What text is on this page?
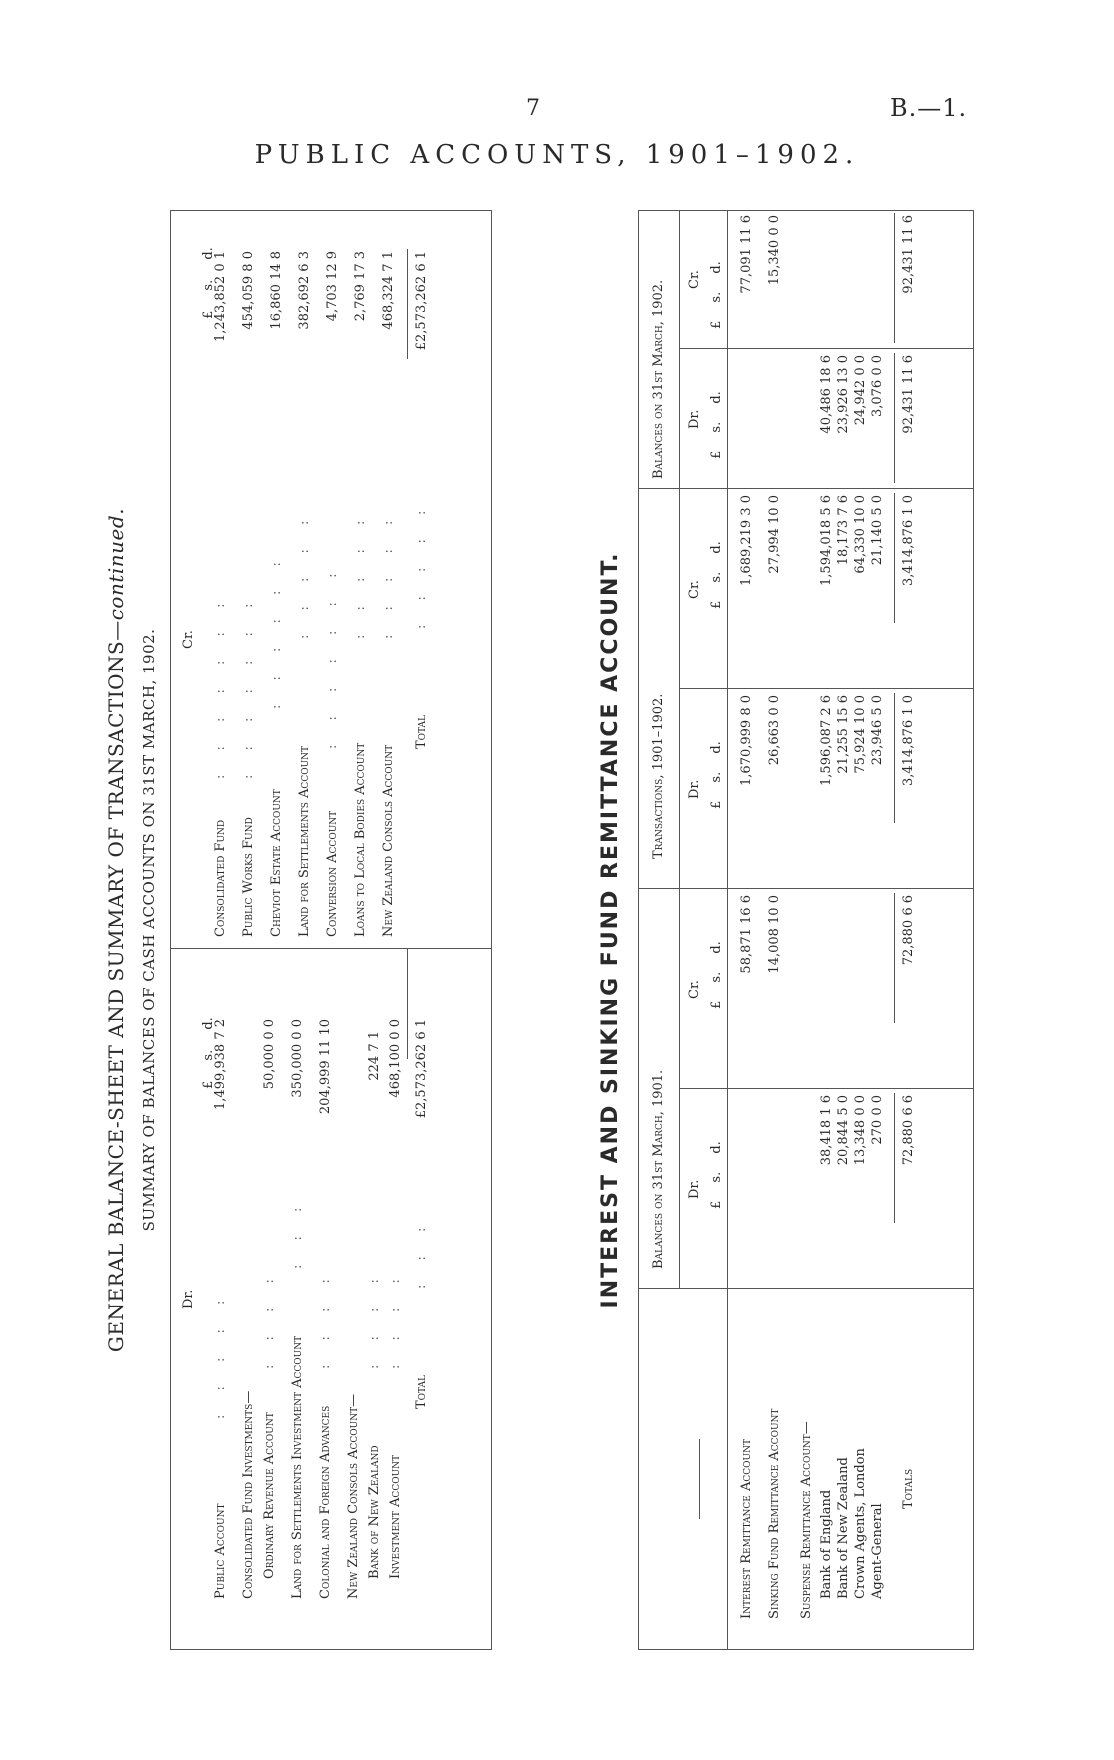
7	B.—1.
PUBLIC ACCOUNTS, 1901–1902.
GENERAL BALANCE-SHEET AND SUMMARY OF TRANSACTIONS—continued.
SUMMARY OF BALANCES OF CASH ACCOUNTS ON 31ST MARCH, 1902.
Dr.
Cr.
£ s. d.
£ s. d.
Public Account
: : : : :
1,499,938 7 2
Consolidated Fund Investments— Ordinary Revenue Account
: : : :
50,000 0 0
Land for Settlements Investment Account
: : :
350,000 0 0
Colonial and Foreign Advances
: : : :
204,999 11 10
New Zealand Consols Account— Bank of New Zealand
: : : :
224 7 1
Investment Account
: : : :
468,100 0 0
Total
: : :
£2,573,262 6 1
Consolidated Fund
: : : : : : :
1,243,852 0 1
Public Works Fund
: : : : : : :
454,059 8 0
Cheviot Estate Account
: : : : : :
16,860 14 8
Land for Settlements Account
: : : : :
382,692 6 3
Conversion Account
: : : : : : :
4,703 12 9
Loans to Local Bodies Account
: : : : :
2,769 17 3
New Zealand Consols Account
: : : : :
468,324 7 1
Total
: : : : :
£2,573,262 6 1
INTEREST AND SINKING FUND REMITTANCE ACCOUNT. Balances on 31st March, 1901.
Transactions, 1901–1902.
Balances on 31st March, 1902.
Dr.
Cr.
Dr.
Cr.
Dr.
Cr.
£ s. d.
£ s. d.
£ s. d.
£ s. d.
£ s. d.
£ s. d.
Interest Remittance Account
58,871 16 6
1,670,999 8 0
1,689,219 3 0
77,091 11 6
Sinking Fund Remittance Account
14,008 10 0
26,663 0 0
27,994 10 0
15,340 0 0
Suspense Remittance Account— Bank of England
38,418 1 6
1,596,087 2 6
1,594,018 5 6
40,486 18 6
Bank of New Zealand
20,844 5 0
21,255 15 6
18,173 7 6
23,926 13 0
Crown Agents, London
13,348 0 0
75,924 10 0
64,330 10 0
24,942 0 0
Agent-General
270 0 0
23,946 5 0
21,140 5 0
3,076 0 0
Totals
72,880 6 6
72,880 6 6
3,414,876 1 0
3,414,876 1 0
92,431 11 6
92,431 11 6
